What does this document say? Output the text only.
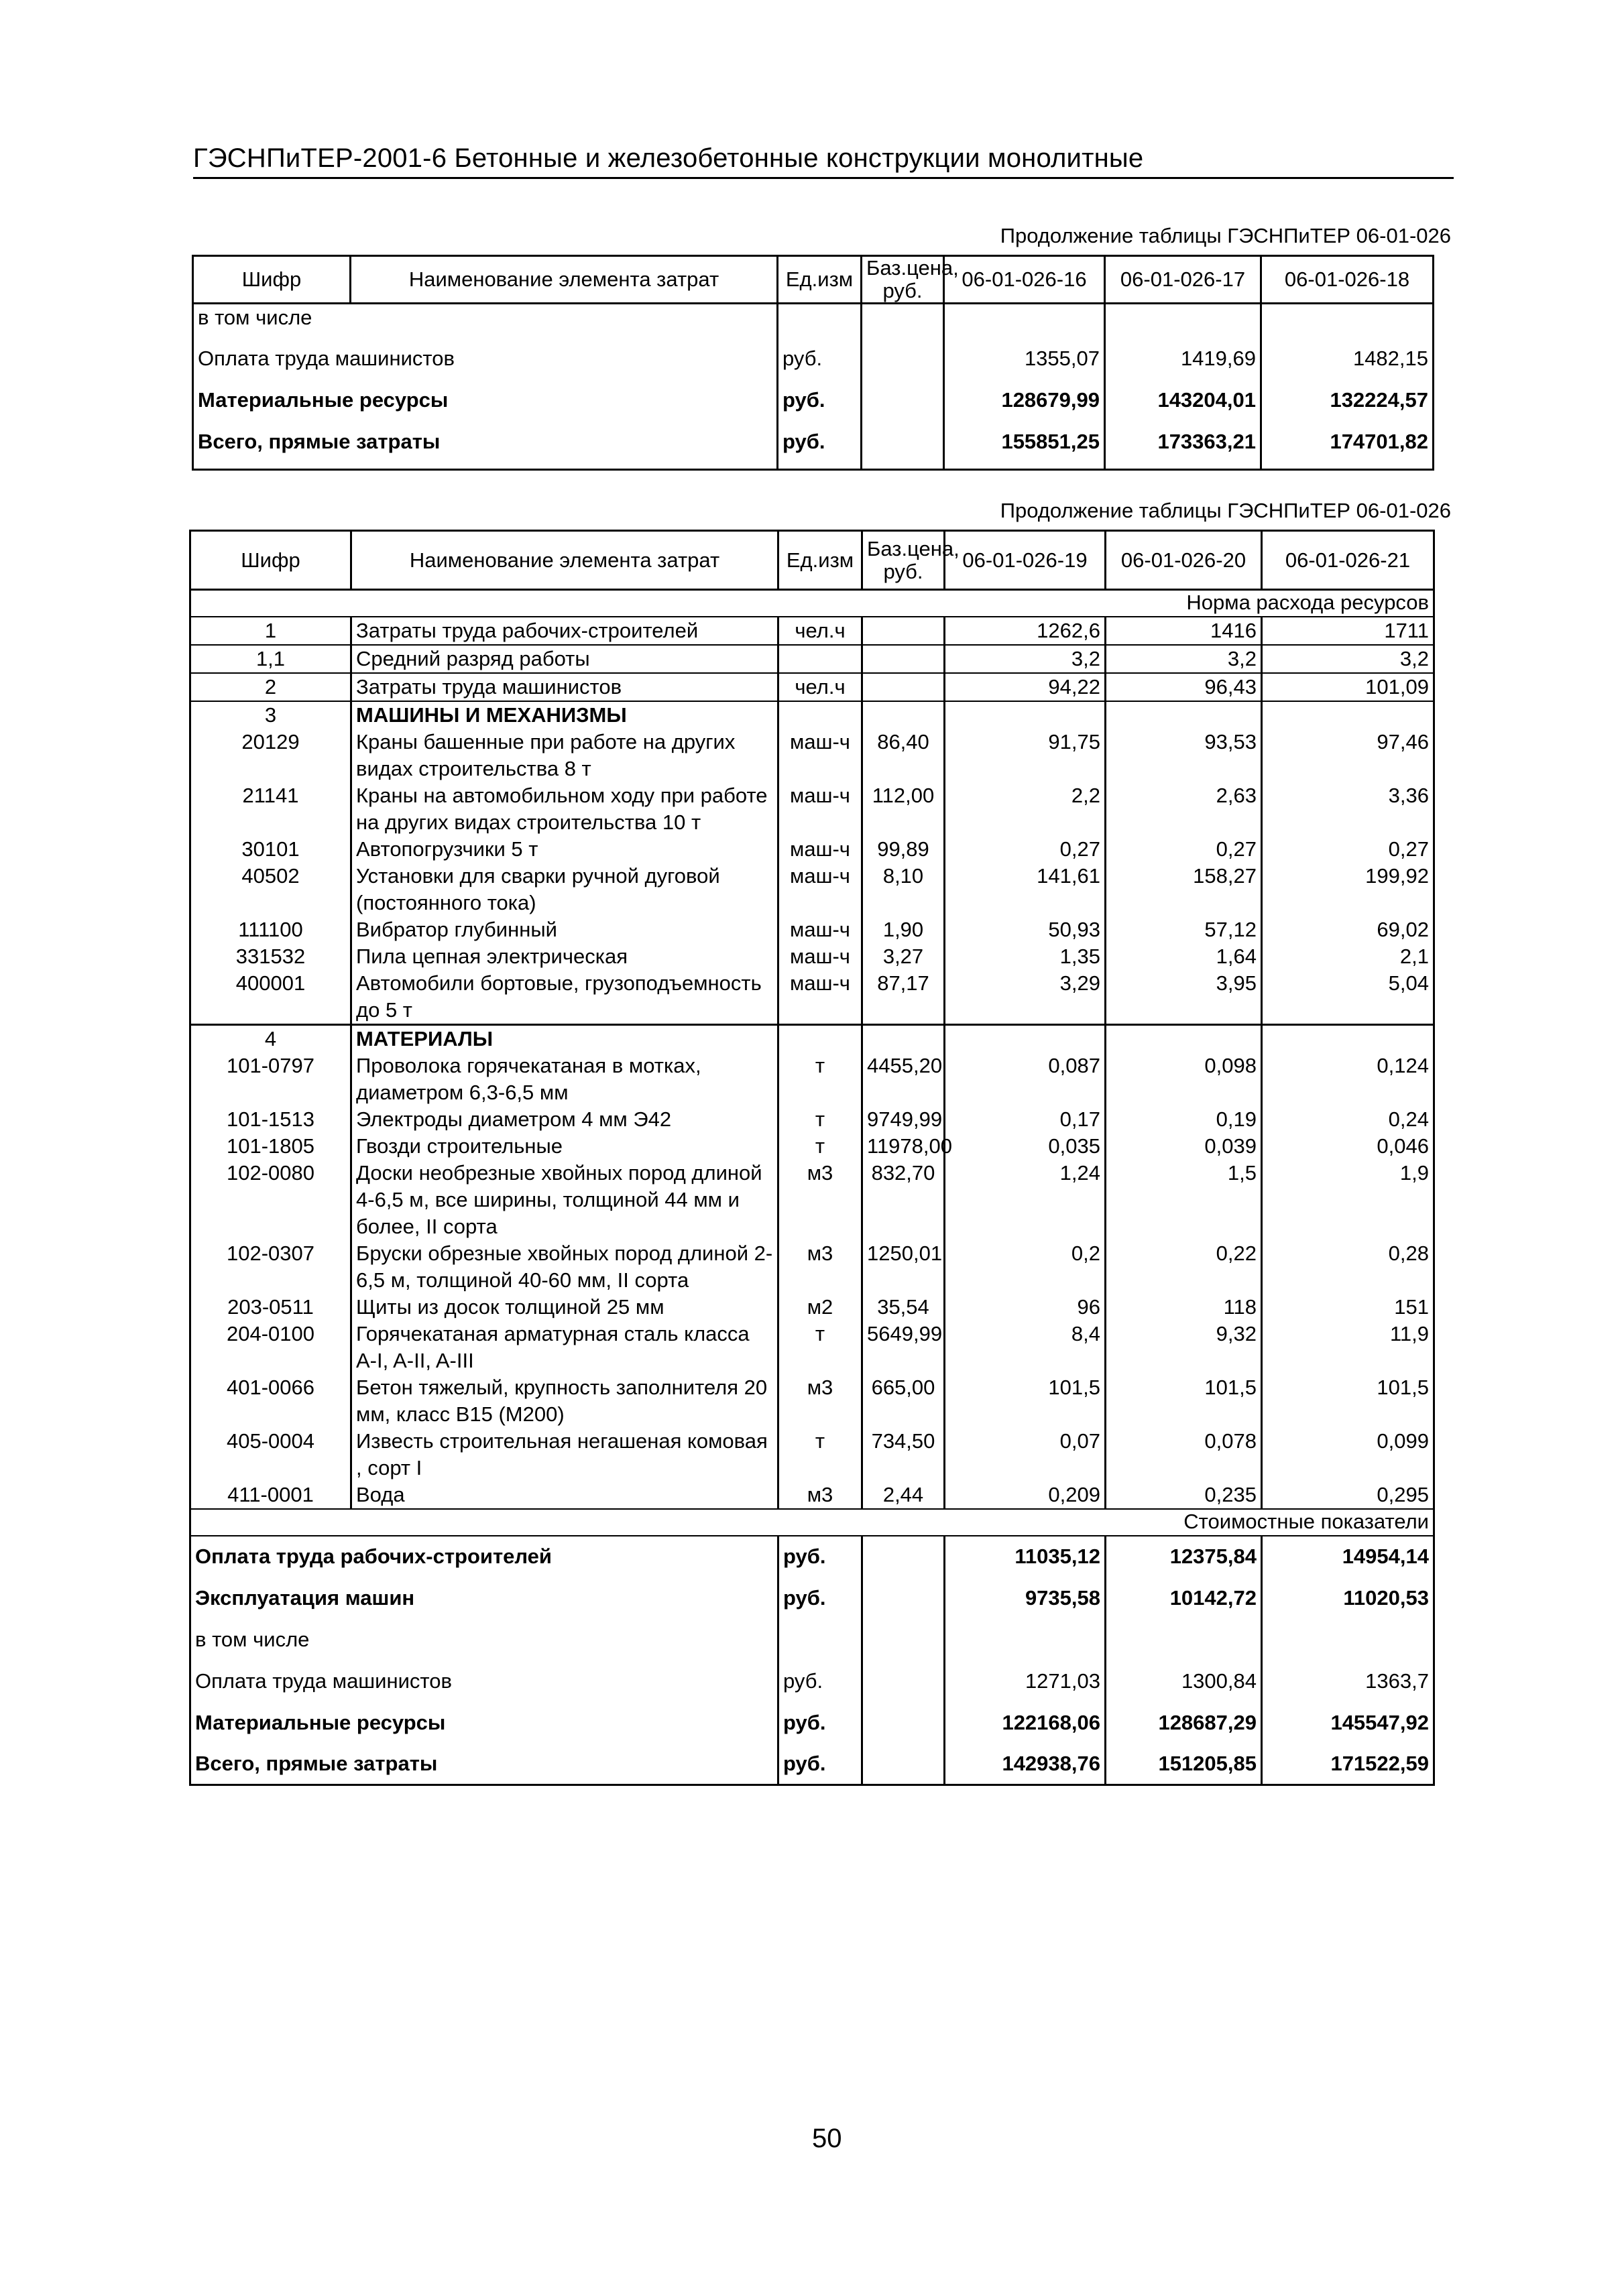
ГЭСНПиТЕР-2001-6 Бетонные и железобетонные конструкции монолитные
Продолжение таблицы ГЭСНПиТЕР 06-01-026
Шифр	Наименование элемента затрат	Ед.изм	Баз.цена, руб.	06-01-026-16	06-01-026-17	06-01-026-18
в том числе						
Оплата труда машинистов		руб.		1355,07	1419,69	1482,15
Материальные ресурсы		руб.		128679,99	143204,01	132224,57
Всего, прямые затраты		руб.		155851,25	173363,21	174701,82
Продолжение таблицы ГЭСНПиТЕР 06-01-026
Шифр	Наименование элемента затрат	Ед.изм	Баз.цена, руб.	06-01-026-19	06-01-026-20	06-01-026-21
Норма расхода ресурсов						
1	Затраты труда рабочих-строителей	чел.ч		1262,6	1416	1711
1,1	Средний разряд работы			3,2	3,2	3,2
2	Затраты труда машинистов	чел.ч		94,22	96,43	101,09
3	МАШИНЫ И МЕХАНИЗМЫ					
20129	Краны башенные при работе на других видах строительства 8 т	маш-ч	86,40	91,75	93,53	97,46
21141	Краны на автомобильном ходу при работе на других видах строительства 10 т	маш-ч	112,00	2,2	2,63	3,36
30101	Автопогрузчики 5 т	маш-ч	99,89	0,27	0,27	0,27
40502	Установки для сварки ручной дуговой (постоянного тока)	маш-ч	8,10	141,61	158,27	199,92
111100	Вибратор глубинный	маш-ч	1,90	50,93	57,12	69,02
331532	Пила цепная электрическая	маш-ч	3,27	1,35	1,64	2,1
400001	Автомобили бортовые, грузоподъемность до 5 т	маш-ч	87,17	3,29	3,95	5,04
4	МАТЕРИАЛЫ					
101-0797	Проволока горячекатаная в мотках, диаметром 6,3-6,5 мм	т	4455,20	0,087	0,098	0,124
101-1513	Электроды диаметром 4 мм Э42	т	9749,99	0,17	0,19	0,24
101-1805	Гвозди строительные	т	11978,00	0,035	0,039	0,046
102-0080	Доски необрезные хвойных пород длиной 4-6,5 м, все ширины, толщиной 44 мм и более, II сорта	м3	832,70	1,24	1,5	1,9
102-0307	Бруски обрезные хвойных пород длиной 2-6,5 м, толщиной 40-60 мм, II сорта	м3	1250,01	0,2	0,22	0,28
203-0511	Щиты из досок толщиной 25 мм	м2	35,54	96	118	151
204-0100	Горячекатаная арматурная сталь класса A-I, A-II, A-III	т	5649,99	8,4	9,32	11,9
401-0066	Бетон тяжелый, крупность заполнителя 20 мм, класс B15 (M200)	м3	665,00	101,5	101,5	101,5
405-0004	Известь строительная негашеная комовая , сорт I	т	734,50	0,07	0,078	0,099
411-0001	Вода	м3	2,44	0,209	0,235	0,295
Стоимостные показатели						
Оплата труда рабочих-строителей		руб.		11035,12	12375,84	14954,14
Эксплуатация машин		руб.		9735,58	10142,72	11020,53
в том числе						
Оплата труда машинистов		руб.		1271,03	1300,84	1363,7
Материальные ресурсы		руб.		122168,06	128687,29	145547,92
Всего, прямые затраты		руб.		142938,76	151205,85	171522,59
50
